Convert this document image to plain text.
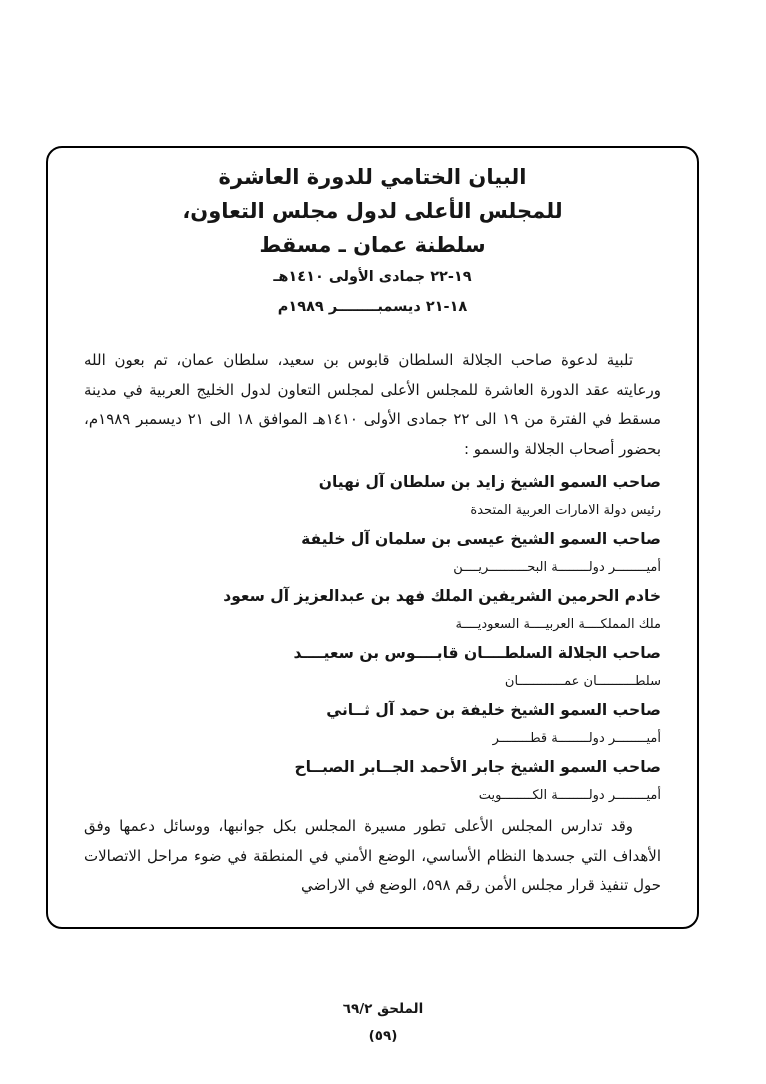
البيان الختامي للدورة العاشرة
للمجلس الأعلى لدول مجلس التعاون،
سلطنة عمان ـ مسقط
١٩-٢٢ جمادى الأولى ١٤١٠هـ
١٨-٢١ ديسمبــــــــر ١٩٨٩م

تلبية لدعوة صاحب الجلالة السلطان قابوس بن سعيد، سلطان عمان، تم بعون الله ورعايته عقد الدورة العاشرة للمجلس الأعلى لمجلس التعاون لدول الخليج العربية في مدينة مسقط في الفترة من ١٩ الى ٢٢ جمادى الأولى ١٤١٠هـ الموافق ١٨ الى ٢١ ديسمبر ١٩٨٩م، بحضور أصحاب الجلالة والسمو :

صاحب السمو الشيخ زايد بن سلطان آل نهيان
رئيس دولة الامارات العربية المتحدة
صاحب السمو الشيخ عيسى بن سلمان آل خليفة
أميــــــــر دولــــــــة البحــــــــــريــــن
خادم الحرمين الشريفين الملك فهد بن عبدالعزيز آل سعود
ملك المملكــــة العربيــــة السعوديــــة
صاحب الجلالة السلطــــان قابــــوس بن سعيــــد
سلطــــــــــان عمــــــــــــان
صاحب السمو الشيخ خليفة بن حمد آل ثــاني
أميــــــــر دولــــــــة قطــــــــر
صاحب السمو الشيخ جابر الأحمد الجــابر الصبــاح
أميــــــــر دولــــــــة الكــــــــويت

وقد تدارس المجلس الأعلى تطور مسيرة المجلس بكل جوانبها، ووسائل دعمها وفق الأهداف التي جسدها النظام الأساسي، الوضع الأمني في المنطقة في ضوء مراحل الاتصالات حول تنفيذ قرار مجلس الأمن رقم ٥٩٨، الوضع في الاراضي

الملحق ٦٩/٢
(٥٩)
